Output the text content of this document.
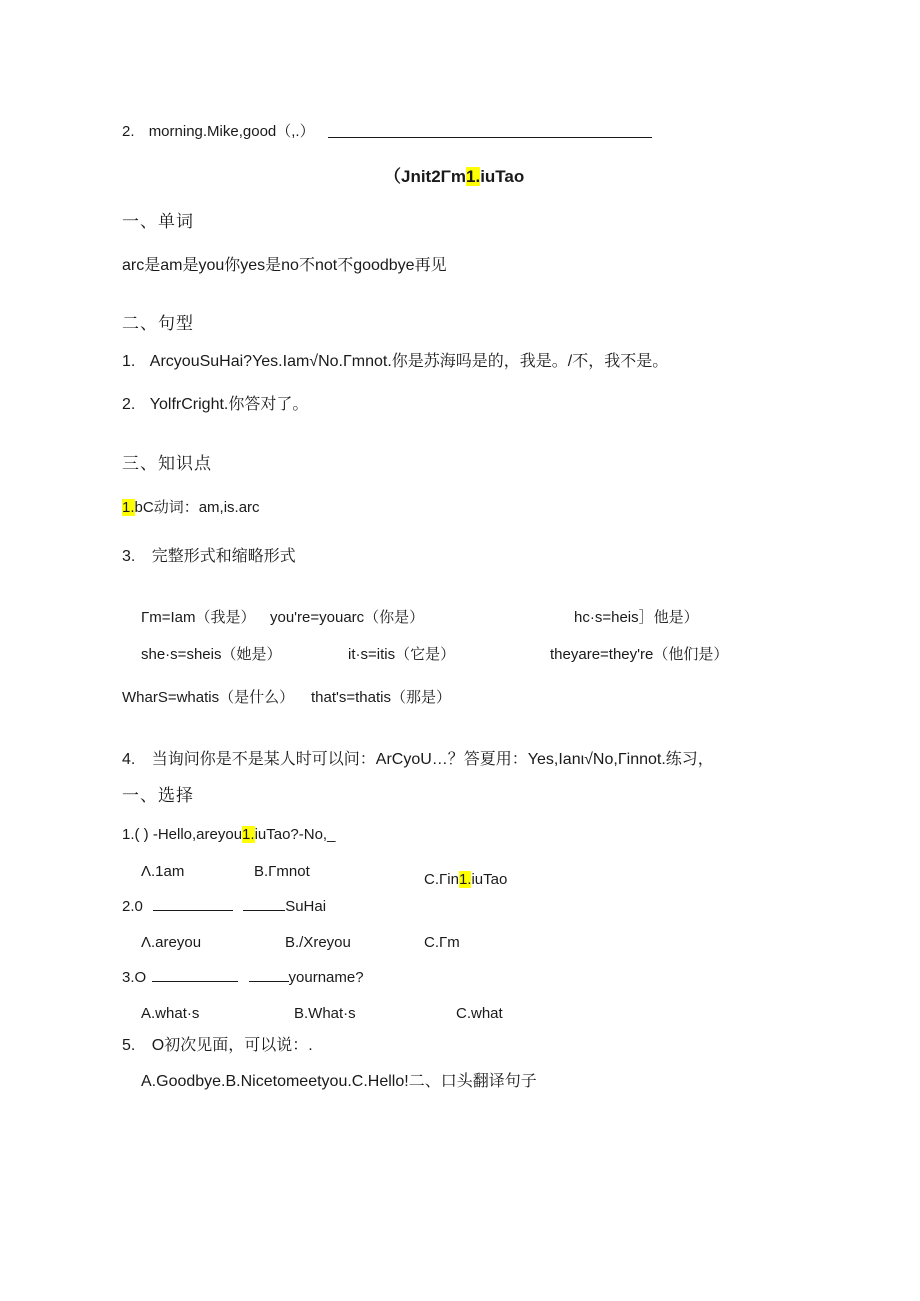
2. morning.Mike,good（,.）
（Jnit2Γm1.iuTao
一、单词
arc是am是you你yes是no不not不goodbye再见
二、句型
1. ArcyouSuHai?Yes.Iam√No.Γmnot.你是苏海吗是的，我是。/不，我不是。
2. YolfrCright.你答对了。
三、知识点
1.bC动词：am,is.arc
3. 完整形式和缩略形式
Γm=Iam（我是） you're=youarc（你是）	hc·s=heis］他是）
she·s=sheis（她是）	it·s=itis（它是）	theyare=they're（他们是）
WharS=whatis（是什么） that's=thatis（那是）
4. 当询问你是不是某人时可以问：ArCyoU…？答夏用：Yes,Ianι√No,Γinnot.练习，
一、选择
1.( ) -Hello,areyou1.iuTao?-No,_
Λ.1am	B.Γmnot	C.Γin1.iuTao
2.0	SuHai
Λ.areyou	B./Xreyou	C.Γm
3.O	yourname?
A.what·s	B.What·s	C.what
5. O初次见面，可以说：.
A.Goodbye.B.Nicetomeetyou.C.Hello!二、口头翻译句子
